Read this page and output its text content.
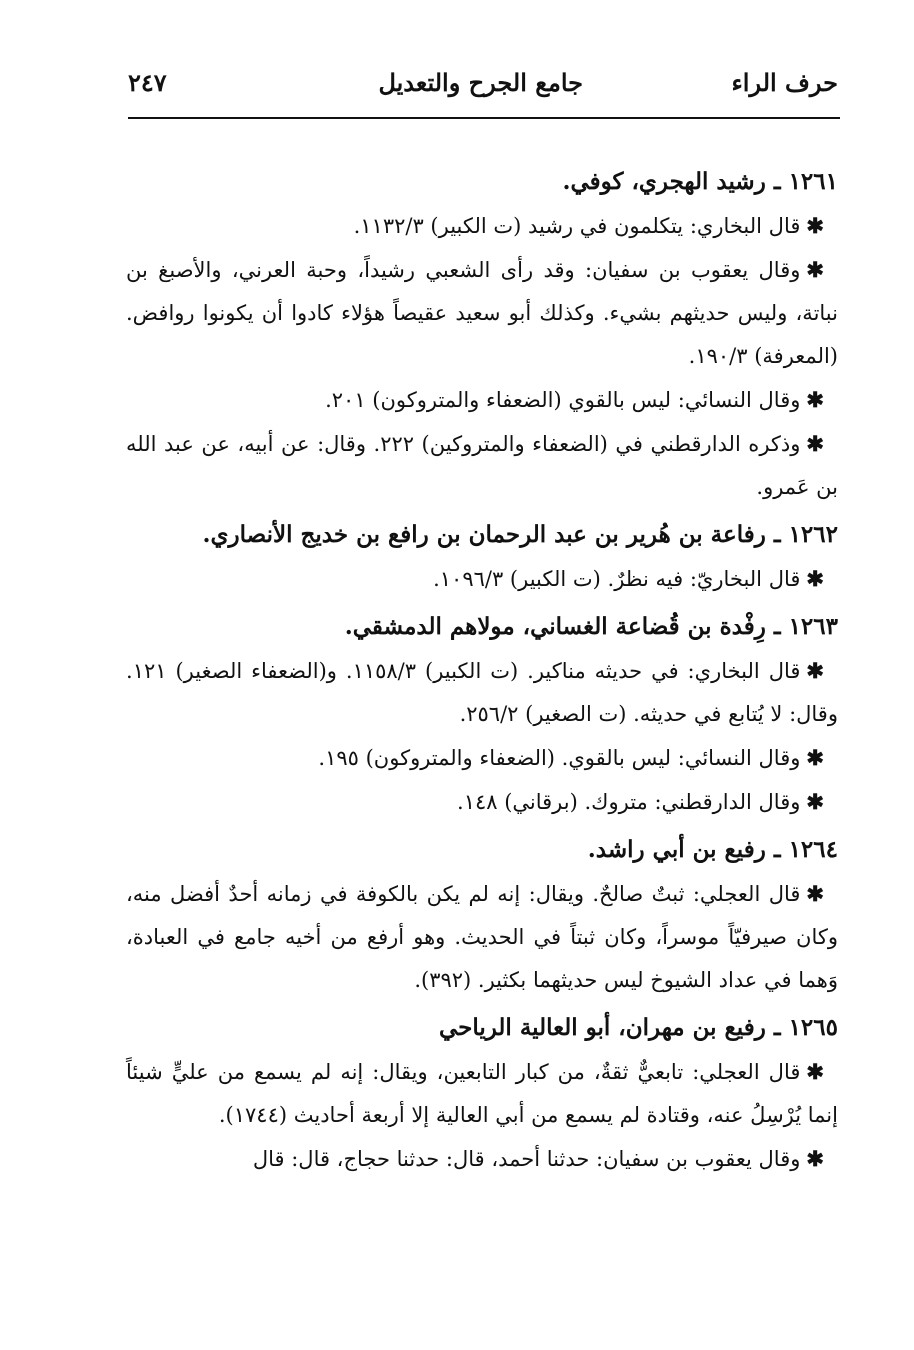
حرف الراء
جامع الجرح والتعديل
٢٤٧

١٢٦١ ـ رشيد الهجري، كوفي.

✱قال البخاري: يتكلمون في رشيد (ت الكبير) ١١٣٢/٣.

✱وقال يعقوب بن سفيان: وقد رأى الشعبي رشيداً، وحبة العرني، والأصبغ بن نباتة، وليس حديثهم بشيء. وكذلك أبو سعيد عقيصاً هؤلاء كادوا أن يكونوا روافض. (المعرفة) ١٩٠/٣.

✱وقال النسائي: ليس بالقوي (الضعفاء والمتروكون) ٢٠١.

✱وذكره الدارقطني في (الضعفاء والمتروكين) ٢٢٢. وقال: عن أبيه، عن عبد الله بن عَمرو.

١٢٦٢ ـ رفاعة بن هُرير بن عبد الرحمان بن رافع بن خديج الأنصاري.

✱قال البخاريّ: فيه نظرٌ. (ت الكبير) ١٠٩٦/٣.

١٢٦٣ ـ رِفْدة بن قُضاعة الغساني، مولاهم الدمشقي.

✱قال البخاري: في حديثه مناكير. (ت الكبير) ١١٥٨/٣. و(الضعفاء الصغير) ١٢١. وقال: لا يُتابع في حديثه. (ت الصغير) ٢٥٦/٢.

✱وقال النسائي: ليس بالقوي. (الضعفاء والمتروكون) ١٩٥.

✱وقال الدارقطني: متروك. (برقاني) ١٤٨.

١٢٦٤ ـ رفيع بن أبي راشد.

✱قال العجلي: ثبتٌ صالحٌ. ويقال: إنه لم يكن بالكوفة في زمانه أحدٌ أفضل منه، وكان صيرفيّاً موسراً، وكان ثبتاً في الحديث. وهو أرفع من أخيه جامع في العبادة، وَهما في عداد الشيوخ ليس حديثهما بكثير. (٣٩٢).

١٢٦٥ ـ رفيع بن مهران، أبو العالية الرياحي

✱قال العجلي: تابعيٌّ ثقةٌ، من كبار التابعين، ويقال: إنه لم يسمع من عليٍّ شيئاً إنما يُرْسِلُ عنه، وقتادة لم يسمع من أبي العالية إلا أربعة أحاديث (١٧٤٤).

✱وقال يعقوب بن سفيان: حدثنا أحمد، قال: حدثنا حجاج، قال: قال
